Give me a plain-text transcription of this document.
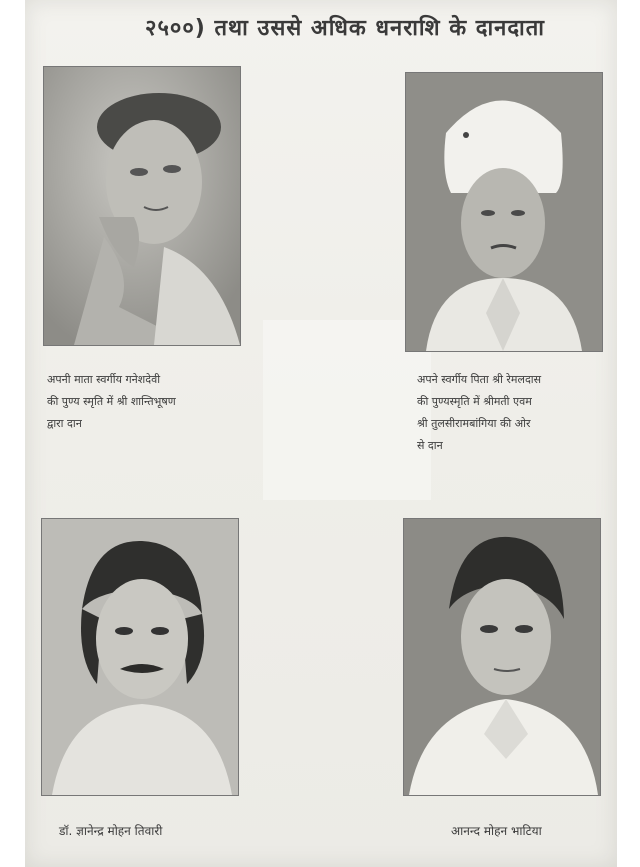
२५००) तथा उससे अधिक धनराशि के दानदाता
अपनी माता स्वर्गीय गनेशदेवी
की पुण्य स्मृति में श्री शान्तिभूषण
द्वारा दान
अपने स्वर्गीय पिता श्री रेमलदास
की पुण्यस्मृति में श्रीमती एवम
श्री तुलसीरामबांगिया की ओर
से दान
डॉ. ज्ञानेन्द्र मोहन तिवारी	आनन्द मोहन भाटिया
